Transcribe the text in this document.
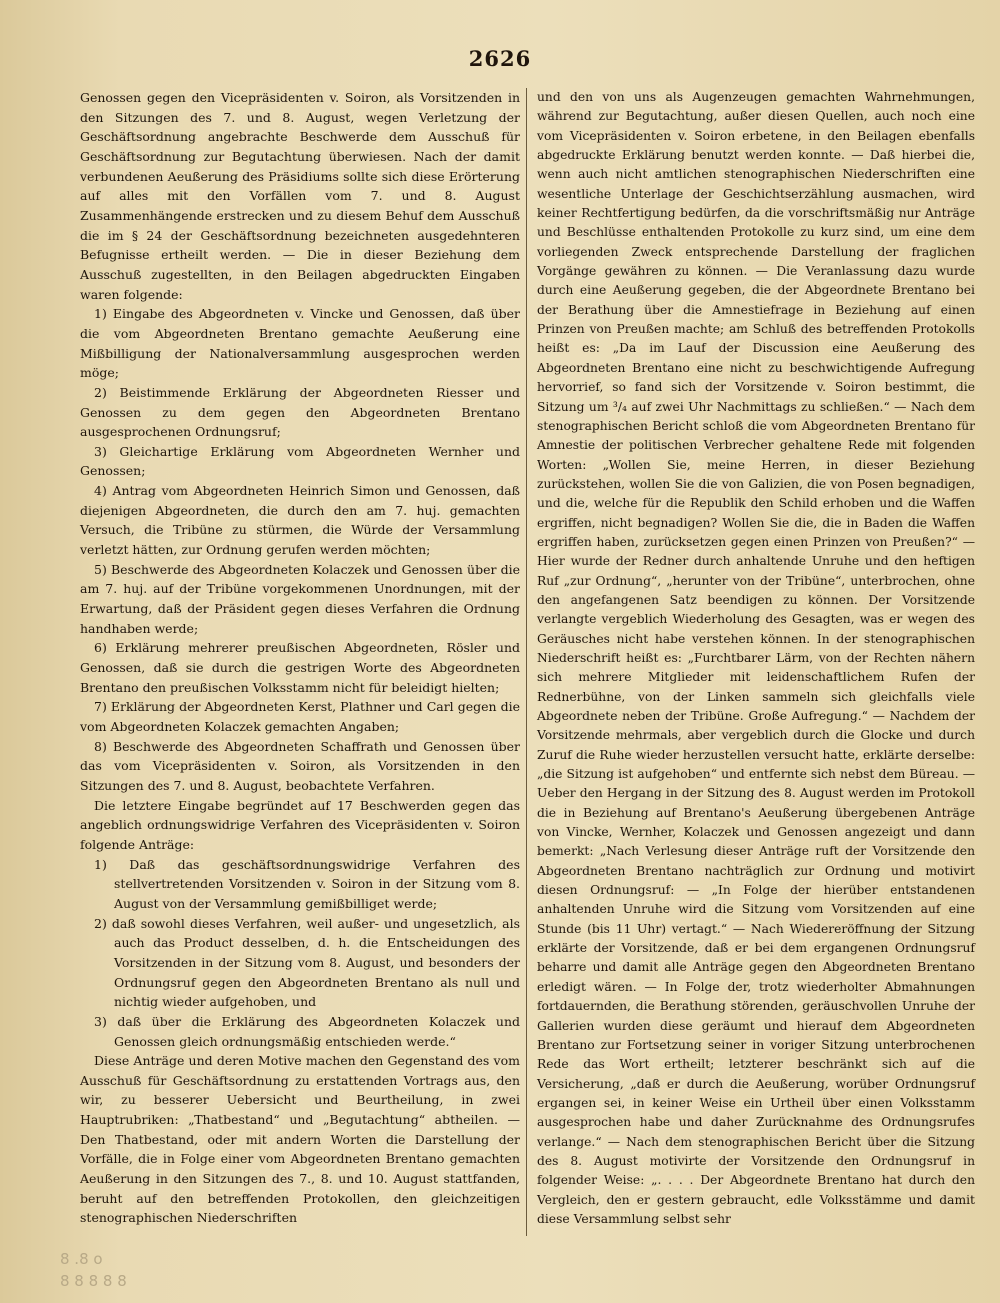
2626

Genossen gegen den Vicepräsidenten v. Soiron, als Vorsitzenden in den Sitzungen des 7. und 8. August, wegen Verletzung der Geschäftsordnung angebrachte Beschwerde dem Ausschuß für Geschäftsordnung zur Begutachtung überwiesen. Nach der damit verbundenen Aeußerung des Präsidiums sollte sich diese Erörterung auf alles mit den Vorfällen vom 7. und 8. August Zusammenhängende erstrecken und zu diesem Behuf dem Ausschuß die im § 24 der Geschäftsordnung bezeichneten ausgedehnteren Befugnisse ertheilt werden. — Die in dieser Beziehung dem Ausschuß zugestellten, in den Beilagen abgedruckten Eingaben waren folgende:

1) Eingabe des Abgeordneten v. Vincke und Genossen, daß über die vom Abgeordneten Brentano gemachte Aeußerung eine Mißbilligung der Nationalversammlung ausgesprochen werden möge;

2) Beistimmende Erklärung der Abgeordneten Riesser und Genossen zu dem gegen den Abgeordneten Brentano ausgesprochenen Ordnungsruf;

3) Gleichartige Erklärung vom Abgeordneten Wernher und Genossen;

4) Antrag vom Abgeordneten Heinrich Simon und Genossen, daß diejenigen Abgeordneten, die durch den am 7. huj. gemachten Versuch, die Tribüne zu stürmen, die Würde der Versammlung verletzt hätten, zur Ordnung gerufen werden möchten;

5) Beschwerde des Abgeordneten Kolaczek und Genossen über die am 7. huj. auf der Tribüne vorgekommenen Unordnungen, mit der Erwartung, daß der Präsident gegen dieses Verfahren die Ordnung handhaben werde;

6) Erklärung mehrerer preußischen Abgeordneten, Rösler und Genossen, daß sie durch die gestrigen Worte des Abgeordneten Brentano den preußischen Volksstamm nicht für beleidigt hielten;

7) Erklärung der Abgeordneten Kerst, Plathner und Carl gegen die vom Abgeordneten Kolaczek gemachten Angaben;

8) Beschwerde des Abgeordneten Schaffrath und Genossen über das vom Vicepräsidenten v. Soiron, als Vorsitzenden in den Sitzungen des 7. und 8. August, beobachtete Verfahren.

Die letztere Eingabe begründet auf 17 Beschwerden gegen das angeblich ordnungswidrige Verfahren des Vicepräsidenten v. Soiron folgende Anträge:

1) Daß das geschäftsordnungswidrige Verfahren des stellvertretenden Vorsitzenden v. Soiron in der Sitzung vom 8. August von der Versammlung gemißbilliget werde;

2) daß sowohl dieses Verfahren, weil außer- und ungesetzlich, als auch das Product desselben, d. h. die Entscheidungen des Vorsitzenden in der Sitzung vom 8. August, und besonders der Ordnungsruf gegen den Abgeordneten Brentano als null und nichtig wieder aufgehoben, und

3) daß über die Erklärung des Abgeordneten Kolaczek und Genossen gleich ordnungsmäßig entschieden werde.“

Diese Anträge und deren Motive machen den Gegenstand des vom Ausschuß für Geschäftsordnung zu erstattenden Vortrags aus, den wir, zu besserer Uebersicht und Beurtheilung, in zwei Hauptrubriken: „Thatbestand“ und „Begutachtung“ abtheilen. — Den Thatbestand, oder mit andern Worten die Darstellung der Vorfälle, die in Folge einer vom Abgeordneten Brentano gemachten Aeußerung in den Sitzungen des 7., 8. und 10. August stattfanden, beruht auf den betreffenden Protokollen, den gleichzeitigen stenographischen Niederschriften

und den von uns als Augenzeugen gemachten Wahrnehmungen, während zur Begutachtung, außer diesen Quellen, auch noch eine vom Vicepräsidenten v. Soiron erbetene, in den Beilagen ebenfalls abgedruckte Erklärung benutzt werden konnte. — Daß hierbei die, wenn auch nicht amtlichen stenographischen Niederschriften eine wesentliche Unterlage der Geschichtserzählung ausmachen, wird keiner Rechtfertigung bedürfen, da die vorschriftsmäßig nur Anträge und Beschlüsse enthaltenden Protokolle zu kurz sind, um eine dem vorliegenden Zweck entsprechende Darstellung der fraglichen Vorgänge gewähren zu können. — Die Veranlassung dazu wurde durch eine Aeußerung gegeben, die der Abgeordnete Brentano bei der Berathung über die Amnestiefrage in Beziehung auf einen Prinzen von Preußen machte; am Schluß des betreffenden Protokolls heißt es: „Da im Lauf der Discussion eine Aeußerung des Abgeordneten Brentano eine nicht zu beschwichtigende Aufregung hervorrief, so fand sich der Vorsitzende v. Soiron bestimmt, die Sitzung um ³/₄ auf zwei Uhr Nachmittags zu schließen.“ — Nach dem stenographischen Bericht schloß die vom Abgeordneten Brentano für Amnestie der politischen Verbrecher gehaltene Rede mit folgenden Worten: „Wollen Sie, meine Herren, in dieser Beziehung zurückstehen, wollen Sie die von Galizien, die von Posen begnadigen, und die, welche für die Republik den Schild erhoben und die Waffen ergriffen, nicht begnadigen? Wollen Sie die, die in Baden die Waffen ergriffen haben, zurücksetzen gegen einen Prinzen von Preußen?“ — Hier wurde der Redner durch anhaltende Unruhe und den heftigen Ruf „zur Ordnung“, „herunter von der Tribüne“, unterbrochen, ohne den angefangenen Satz beendigen zu können. Der Vorsitzende verlangte vergeblich Wiederholung des Gesagten, was er wegen des Geräusches nicht habe verstehen können. In der stenographischen Niederschrift heißt es: „Furchtbarer Lärm, von der Rechten nähern sich mehrere Mitglieder mit leidenschaftlichem Rufen der Rednerbühne, von der Linken sammeln sich gleichfalls viele Abgeordnete neben der Tribüne. Große Aufregung.“ — Nachdem der Vorsitzende mehrmals, aber vergeblich durch die Glocke und durch Zuruf die Ruhe wieder herzustellen versucht hatte, erklärte derselbe: „die Sitzung ist aufgehoben“ und entfernte sich nebst dem Büreau. — Ueber den Hergang in der Sitzung des 8. August werden im Protokoll die in Beziehung auf Brentano's Aeußerung übergebenen Anträge von Vincke, Wernher, Kolaczek und Genossen angezeigt und dann bemerkt: „Nach Verlesung dieser Anträge ruft der Vorsitzende den Abgeordneten Brentano nachträglich zur Ordnung und motivirt diesen Ordnungsruf: — „In Folge der hierüber entstandenen anhaltenden Unruhe wird die Sitzung vom Vorsitzenden auf eine Stunde (bis 11 Uhr) vertagt.“ — Nach Wiedereröffnung der Sitzung erklärte der Vorsitzende, daß er bei dem ergangenen Ordnungsruf beharre und damit alle Anträge gegen den Abgeordneten Brentano erledigt wären. — In Folge der, trotz wiederholter Abmahnungen fortdauernden, die Berathung störenden, geräuschvollen Unruhe der Gallerien wurden diese geräumt und hierauf dem Abgeordneten Brentano zur Fortsetzung seiner in voriger Sitzung unterbrochenen Rede das Wort ertheilt; letzterer beschränkt sich auf die Versicherung, „daß er durch die Aeußerung, worüber Ordnungsruf ergangen sei, in keiner Weise ein Urtheil über einen Volksstamm ausgesprochen habe und daher Zurücknahme des Ordnungsrufes verlange.“ — Nach dem stenographischen Bericht über die Sitzung des 8. August motivirte der Vorsitzende den Ordnungsruf in folgender Weise: „. . . . Der Abgeordnete Brentano hat durch den Vergleich, den er gestern gebraucht, edle Volksstämme und damit diese Versammlung selbst sehr

8 .8 o
8 8 8 8 8
